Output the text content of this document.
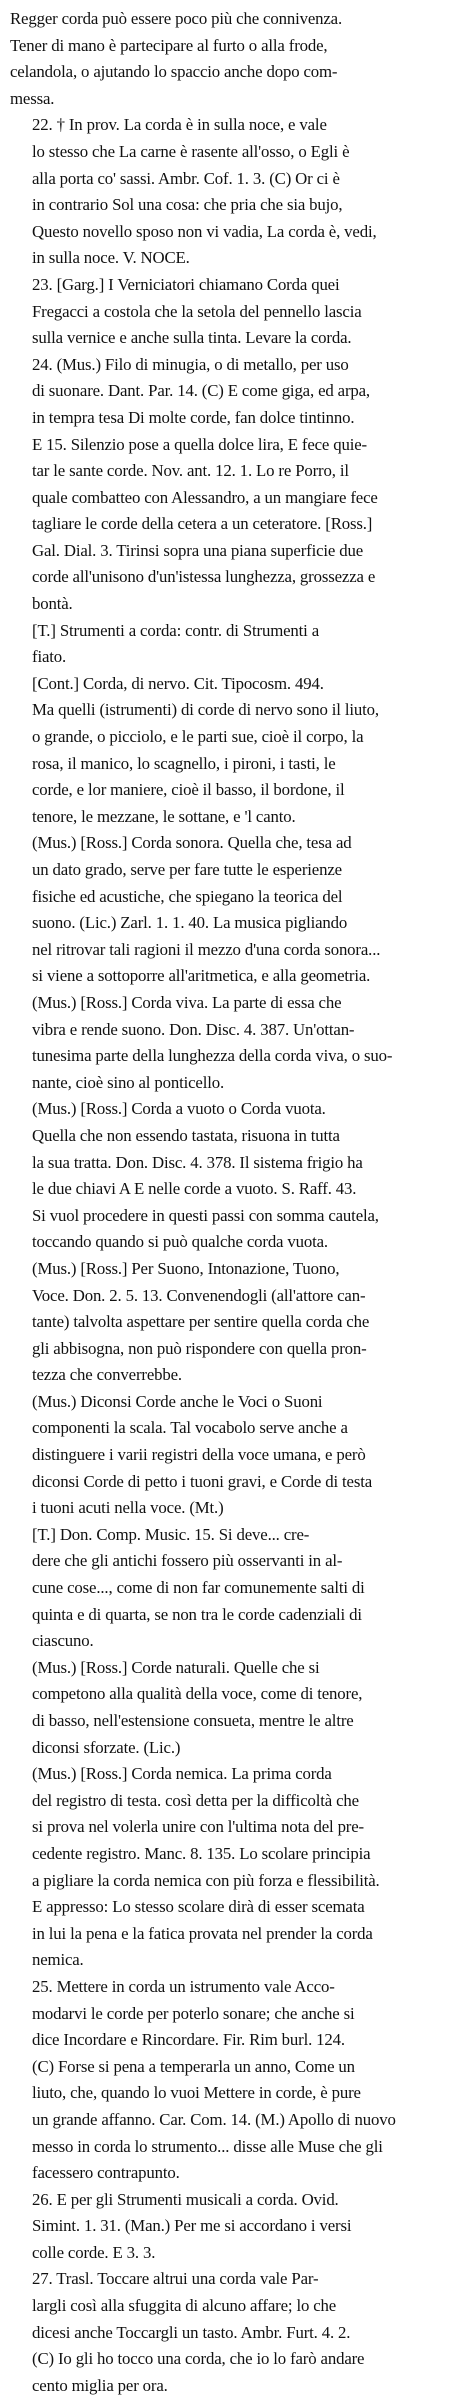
Regger corda può essere poco più che connivenza.
Tener di mano è partecipare al furto o alla frode,
celandola, o ajutando lo spaccio anche dopo com-
messa.

22. † In prov. La corda è in sulla noce, e vale
lo stesso che La carne è rasente all'osso, o Egli è
alla porta co' sassi. Ambr. Cof. 1. 3. (C) Or ci è
in contrario Sol una cosa: che pria che sia bujo,
Questo novello sposo non vi vadia, La corda è, vedi,
in sulla noce. V. NOCE.

23. [Garg.] I Verniciatori chiamano Corda quei
Fregacci a costola che la setola del pennello lascia
sulla vernice e anche sulla tinta. Levare la corda.

24. (Mus.) Filo di minugia, o di metallo, per uso
di suonare. Dant. Par. 14. (C) E come giga, ed arpa,
in tempra tesa Di molte corde, fan dolce tintinno.
E 15. Silenzio pose a quella dolce lira, E fece quie-
tar le sante corde. Nov. ant. 12. 1. Lo re Porro, il
quale combatteo con Alessandro, a un mangiare fece
tagliare le corde della cetera a un ceteratore. [Ross.]
Gal. Dial. 3. Tirinsi sopra una piana superficie due
corde all'unisono d'un'istessa lunghezza, grossezza e
bontà.

[T.] Strumenti a corda: contr. di Strumenti a
fiato.

[Cont.] Corda, di nervo. Cit. Tipocosm. 494.
Ma quelli (istrumenti) di corde di nervo sono il liuto,
o grande, o picciolo, e le parti sue, cioè il corpo, la
rosa, il manico, lo scagnello, i pironi, i tasti, le
corde, e lor maniere, cioè il basso, il bordone, il
tenore, le mezzane, le sottane, e 'l canto.

(Mus.) [Ross.] Corda sonora. Quella che, tesa ad
un dato grado, serve per fare tutte le esperienze
fisiche ed acustiche, che spiegano la teorica del
suono. (Lic.) Zarl. 1. 1. 40. La musica pigliando
nel ritrovar tali ragioni il mezzo d'una corda sonora...
si viene a sottoporre all'aritmetica, e alla geometria.

(Mus.) [Ross.] Corda viva. La parte di essa che
vibra e rende suono. Don. Disc. 4. 387. Un'ottan-
tunesima parte della lunghezza della corda viva, o suo-
nante, cioè sino al ponticello.

(Mus.) [Ross.] Corda a vuoto o Corda vuota.
Quella che non essendo tastata, risuona in tutta
la sua tratta. Don. Disc. 4. 378. Il sistema frigio ha
le due chiavi A E nelle corde a vuoto. S. Raff. 43.
Si vuol procedere in questi passi con somma cautela,
toccando quando si può qualche corda vuota.

(Mus.) [Ross.] Per Suono, Intonazione, Tuono,
Voce. Don. 2. 5. 13. Convenendogli (all'attore can-
tante) talvolta aspettare per sentire quella corda che
gli abbisogna, non può rispondere con quella pron-
tezza che converrebbe.

(Mus.) Diconsi Corde anche le Voci o Suoni
componenti la scala. Tal vocabolo serve anche a
distinguere i varii registri della voce umana, e però
diconsi Corde di petto i tuoni gravi, e Corde di testa
i tuoni acuti nella voce. (Mt.)

[T.] Don. Comp. Music. 15. Si deve... cre-
dere che gli antichi fossero più osservanti in al-
cune cose..., come di non far comunemente salti di
quinta e di quarta, se non tra le corde cadenziali di
ciascuno.

(Mus.) [Ross.] Corde naturali. Quelle che si
competono alla qualità della voce, come di tenore,
di basso, nell'estensione consueta, mentre le altre
diconsi sforzate. (Lic.)

(Mus.) [Ross.] Corda nemica. La prima corda
del registro di testa. così detta per la difficoltà che
si prova nel volerla unire con l'ultima nota del pre-
cedente registro. Manc. 8. 135. Lo scolare principia
a pigliare la corda nemica con più forza e flessibilità.
E appresso: Lo stesso scolare dirà di esser scemata
in lui la pena e la fatica provata nel prender la corda
nemica.

25. Mettere in corda un istrumento vale Acco-
modarvi le corde per poterlo sonare; che anche si
dice Incordare e Rincordare. Fir. Rim burl. 124.
(C) Forse si pena a temperarla un anno, Come un
liuto, che, quando lo vuoi Mettere in corde, è pure
un grande affanno. Car. Com. 14. (M.) Apollo di nuovo
messo in corda lo strumento... disse alle Muse che gli
facessero contrapunto.

26. E per gli Strumenti musicali a corda. Ovid.
Simint. 1. 31. (Man.) Per me si accordano i versi
colle corde. E 3. 3.

27. Trasl. Toccare altrui una corda vale Par-
largli così alla sfuggita di alcuno affare; lo che
dicesi anche Toccargli un tasto. Ambr. Furt. 4. 2.
(C) Io gli ho tocco una corda, che io lo farò andare
cento miglia per ora.
